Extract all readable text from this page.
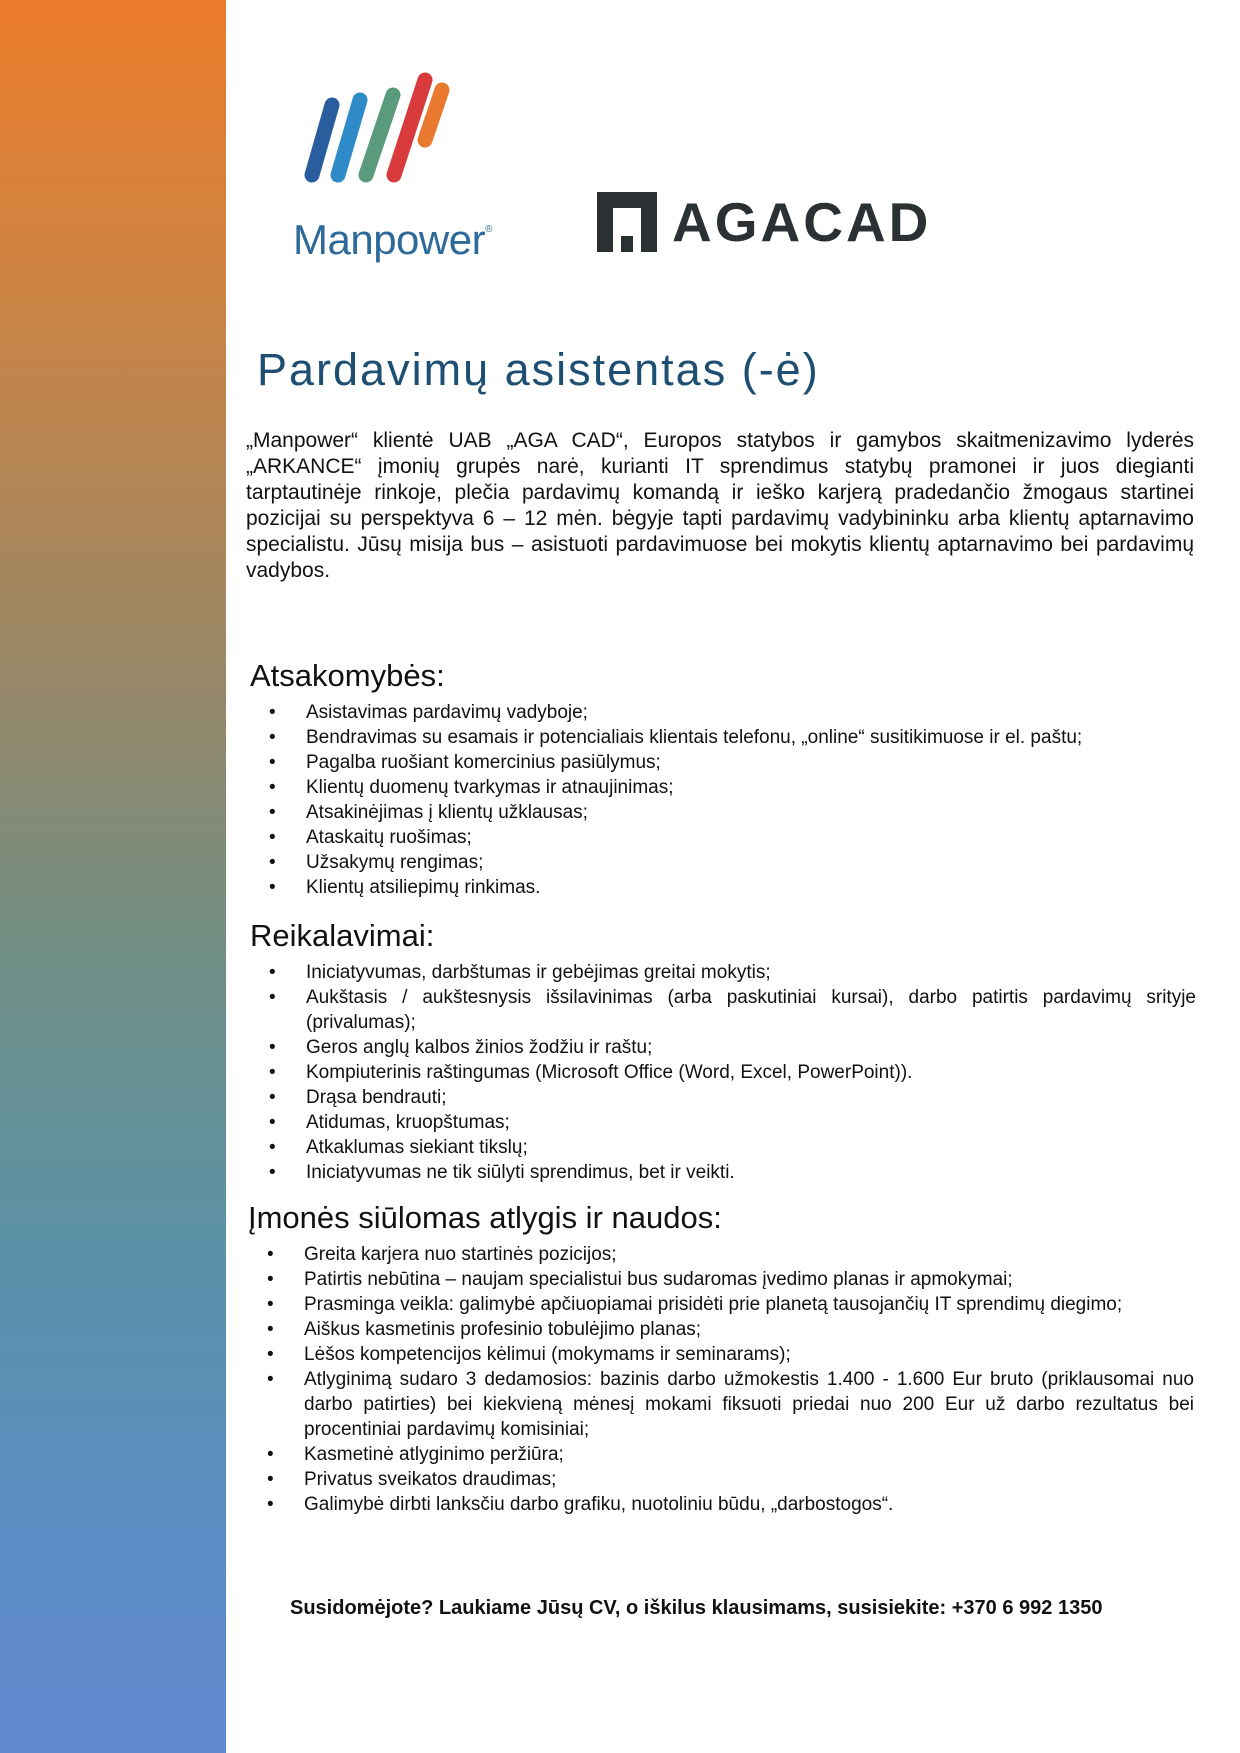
Manpower®	AGACAD
Pardavimų asistentas (-ė)

„Manpower“ klientė UAB „AGA CAD“, Europos statybos ir gamybos skaitmenizavimo lyderės „ARKANCE“ įmonių grupės narė, kurianti IT sprendimus statybų pramonei ir juos diegianti tarptautinėje rinkoje, plečia pardavimų komandą ir ieško karjerą pradedančio žmogaus startinei pozicijai su perspektyva 6 – 12 mėn. bėgyje tapti pardavimų vadybininku arba klientų aptarnavimo specialistu. Jūsų misija bus – asistuoti pardavimuose bei mokytis klientų aptarnavimo bei pardavimų vadybos.

Atsakomybės:
• Asistavimas pardavimų vadyboje;
• Bendravimas su esamais ir potencialiais klientais telefonu, „online“ susitikimuose ir el. paštu;
• Pagalba ruošiant komercinius pasiūlymus;
• Klientų duomenų tvarkymas ir atnaujinimas;
• Atsakinėjimas į klientų užklausas;
• Ataskaitų ruošimas;
• Užsakymų rengimas;
• Klientų atsiliepimų rinkimas.
Reikalavimai:
• Iniciatyvumas, darbštumas ir gebėjimas greitai mokytis;
• Aukštasis / aukštesnysis išsilavinimas (arba paskutiniai kursai), darbo patirtis pardavimų srityje (privalumas);
• Geros anglų kalbos žinios žodžiu ir raštu;
• Kompiuterinis raštingumas (Microsoft Office (Word, Excel, PowerPoint)).
• Drąsa bendrauti;
• Atidumas, kruopštumas;
• Atkaklumas siekiant tikslų;
• Iniciatyvumas ne tik siūlyti sprendimus, bet ir veikti.
Įmonės siūlomas atlygis ir naudos:
• Greita karjera nuo startinės pozicijos;
• Patirtis nebūtina – naujam specialistui bus sudaromas įvedimo planas ir apmokymai;
• Prasminga veikla: galimybė apčiuopiamai prisidėti prie planetą tausojančių IT sprendimų diegimo;
• Aiškus kasmetinis profesinio tobulėjimo planas;
• Lėšos kompetencijos kėlimui (mokymams ir seminarams);
• Atlyginimą sudaro 3 dedamosios: bazinis darbo užmokestis 1.400 - 1.600 Eur bruto (priklausomai nuo darbo patirties) bei kiekvieną mėnesį mokami fiksuoti priedai nuo 200 Eur už darbo rezultatus bei procentiniai pardavimų komisiniai;
• Kasmetinė atlyginimo peržiūra;
• Privatus sveikatos draudimas;
• Galimybė dirbti lanksčiu darbo grafiku, nuotoliniu būdu, „darbostogos“.

Susidomėjote? Laukiame Jūsų CV, o iškilus klausimams, susisiekite: +370 6 992 1350
